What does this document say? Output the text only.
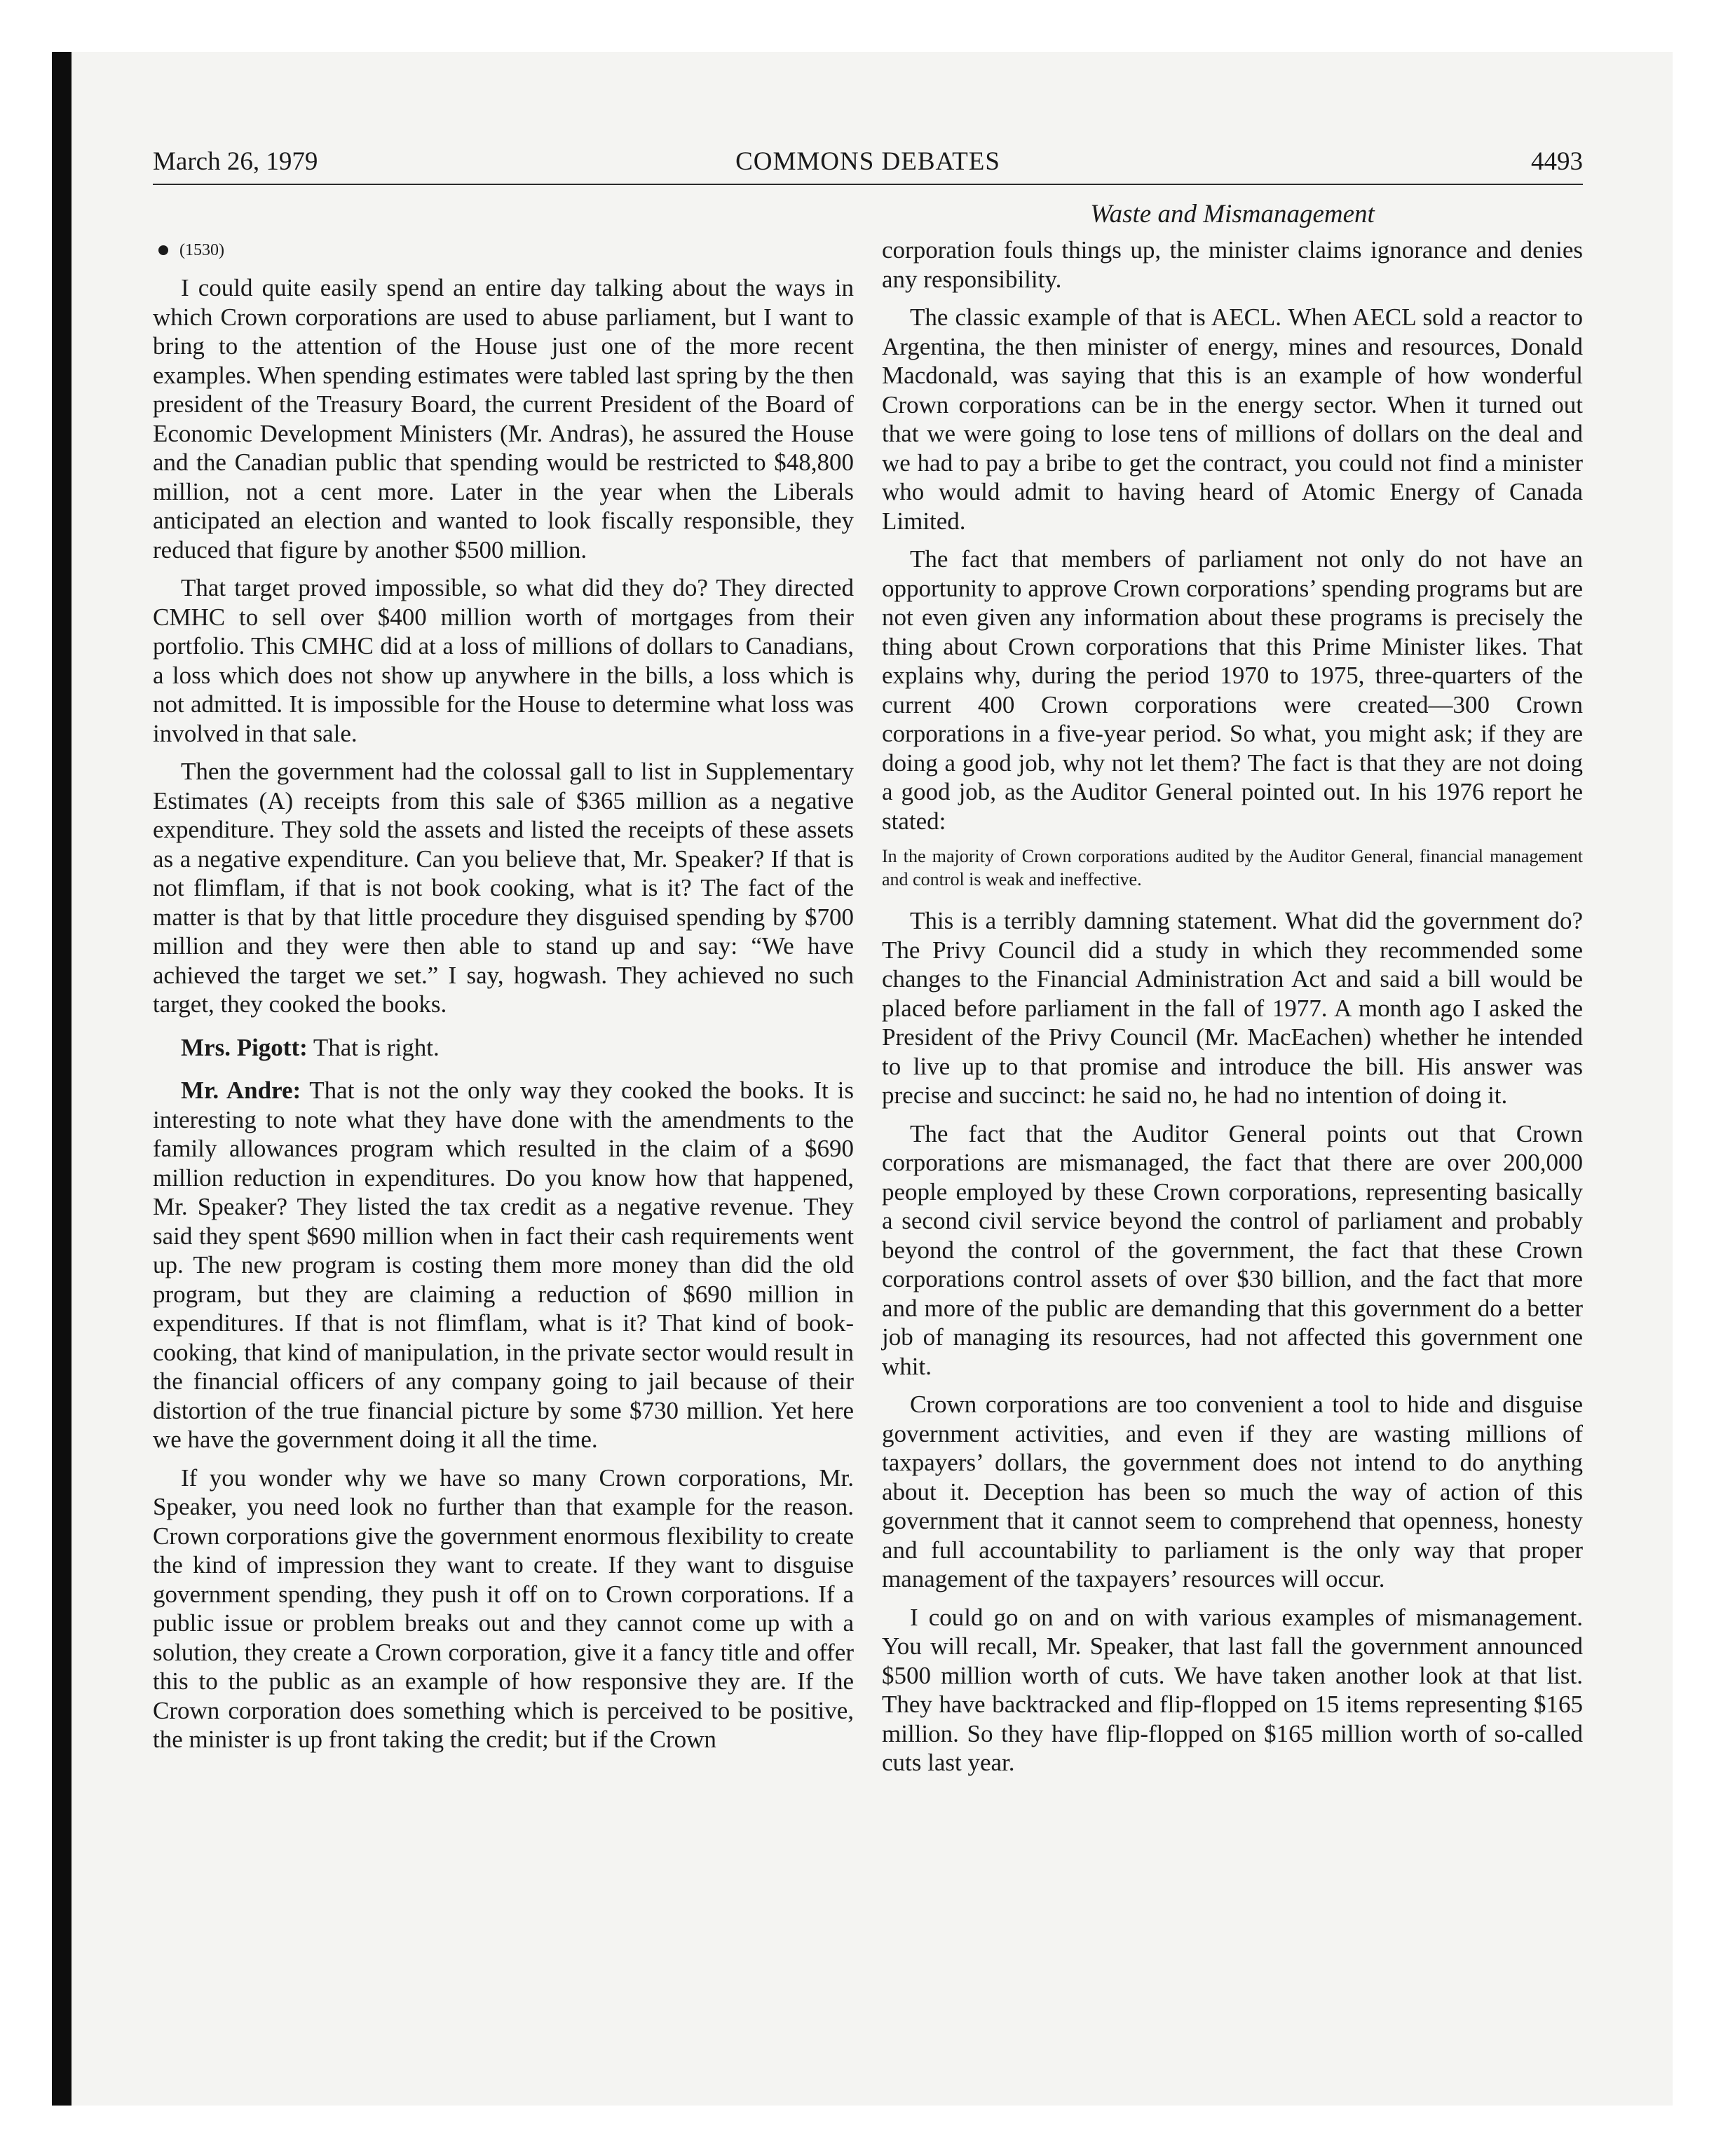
March 26, 1979	COMMONS DEBATES	4493
(1530)

I could quite easily spend an entire day talking about the ways in which Crown corporations are used to abuse parliament, but I want to bring to the attention of the House just one of the more recent examples. When spending estimates were tabled last spring by the then president of the Treasury Board, the current President of the Board of Economic Development Ministers (Mr. Andras), he assured the House and the Canadian public that spending would be restricted to $48,800 million, not a cent more. Later in the year when the Liberals anticipated an election and wanted to look fiscally responsible, they reduced that figure by another $500 million.

That target proved impossible, so what did they do? They directed CMHC to sell over $400 million worth of mortgages from their portfolio. This CMHC did at a loss of millions of dollars to Canadians, a loss which does not show up anywhere in the bills, a loss which is not admitted. It is impossible for the House to determine what loss was involved in that sale.

Then the government had the colossal gall to list in Supplementary Estimates (A) receipts from this sale of $365 million as a negative expenditure. They sold the assets and listed the receipts of these assets as a negative expenditure. Can you believe that, Mr. Speaker? If that is not flimflam, if that is not book cooking, what is it? The fact of the matter is that by that little procedure they disguised spending by $700 million and they were then able to stand up and say: “We have achieved the target we set.” I say, hogwash. They achieved no such target, they cooked the books.

Mrs. Pigott: That is right.

Mr. Andre: That is not the only way they cooked the books. It is interesting to note what they have done with the amendments to the family allowances program which resulted in the claim of a $690 million reduction in expenditures. Do you know how that happened, Mr. Speaker? They listed the tax credit as a negative revenue. They said they spent $690 million when in fact their cash requirements went up. The new program is costing them more money than did the old program, but they are claiming a reduction of $690 million in expenditures. If that is not flimflam, what is it? That kind of book-cooking, that kind of manipulation, in the private sector would result in the financial officers of any company going to jail because of their distortion of the true financial picture by some $730 million. Yet here we have the government doing it all the time.

If you wonder why we have so many Crown corporations, Mr. Speaker, you need look no further than that example for the reason. Crown corporations give the government enormous flexibility to create the kind of impression they want to create. If they want to disguise government spending, they push it off on to Crown corporations. If a public issue or problem breaks out and they cannot come up with a solution, they create a Crown corporation, give it a fancy title and offer this to the public as an example of how responsive they are. If the Crown corporation does something which is perceived to be positive, the minister is up front taking the credit; but if the Crown

Waste and Mismanagement

corporation fouls things up, the minister claims ignorance and denies any responsibility.

The classic example of that is AECL. When AECL sold a reactor to Argentina, the then minister of energy, mines and resources, Donald Macdonald, was saying that this is an example of how wonderful Crown corporations can be in the energy sector. When it turned out that we were going to lose tens of millions of dollars on the deal and we had to pay a bribe to get the contract, you could not find a minister who would admit to having heard of Atomic Energy of Canada Limited.

The fact that members of parliament not only do not have an opportunity to approve Crown corporations’ spending programs but are not even given any information about these programs is precisely the thing about Crown corporations that this Prime Minister likes. That explains why, during the period 1970 to 1975, three-quarters of the current 400 Crown corporations were created—300 Crown corporations in a five-year period. So what, you might ask; if they are doing a good job, why not let them? The fact is that they are not doing a good job, as the Auditor General pointed out. In his 1976 report he stated:

In the majority of Crown corporations audited by the Auditor General, financial management and control is weak and ineffective.

This is a terribly damning statement. What did the government do? The Privy Council did a study in which they recommended some changes to the Financial Administration Act and said a bill would be placed before parliament in the fall of 1977. A month ago I asked the President of the Privy Council (Mr. MacEachen) whether he intended to live up to that promise and introduce the bill. His answer was precise and succinct: he said no, he had no intention of doing it.

The fact that the Auditor General points out that Crown corporations are mismanaged, the fact that there are over 200,000 people employed by these Crown corporations, representing basically a second civil service beyond the control of parliament and probably beyond the control of the government, the fact that these Crown corporations control assets of over $30 billion, and the fact that more and more of the public are demanding that this government do a better job of managing its resources, had not affected this government one whit.

Crown corporations are too convenient a tool to hide and disguise government activities, and even if they are wasting millions of taxpayers’ dollars, the government does not intend to do anything about it. Deception has been so much the way of action of this government that it cannot seem to comprehend that openness, honesty and full accountability to parliament is the only way that proper management of the taxpayers’ resources will occur.

I could go on and on with various examples of mismanagement. You will recall, Mr. Speaker, that last fall the government announced $500 million worth of cuts. We have taken another look at that list. They have backtracked and flip-flopped on 15 items representing $165 million. So they have flip-flopped on $165 million worth of so-called cuts last year.
